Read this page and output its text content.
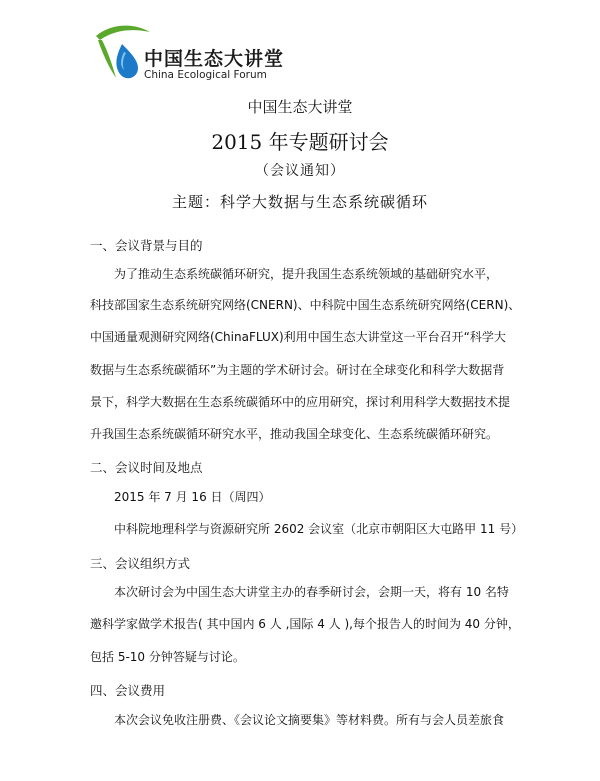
中国生态大讲堂
China Ecological Forum
中国生态大讲堂
2015 年专题研讨会
（会议通知）
主题：科学大数据与生态系统碳循环
一、会议背景与目的
为了推动生态系统碳循环研究，提升我国生态系统领域的基础研究水平，
科技部国家生态系统研究网络(CNERN)、中科院中国生态系统研究网络(CERN)、
中国通量观测研究网络(ChinaFLUX)利用中国生态大讲堂这一平台召开“科学大
数据与生态系统碳循环”为主题的学术研讨会。研讨在全球变化和科学大数据背
景下，科学大数据在生态系统碳循环中的应用研究，探讨利用科学大数据技术提
升我国生态系统碳循环研究水平，推动我国全球变化、生态系统碳循环研究。
二、会议时间及地点
2015 年 7 月 16 日（周四）
中科院地理科学与资源研究所 2602 会议室（北京市朝阳区大屯路甲 11 号）
三、会议组织方式
本次研讨会为中国生态大讲堂主办的春季研讨会，会期一天，将有 10 名特
邀科学家做学术报告( 其中国内 6 人 ,国际 4 人 ),每个报告人的时间为 40 分钟，
包括 5-10 分钟答疑与讨论。
四、会议费用
本次会议免收注册费、《会议论文摘要集》等材料费。所有与会人员差旅食
